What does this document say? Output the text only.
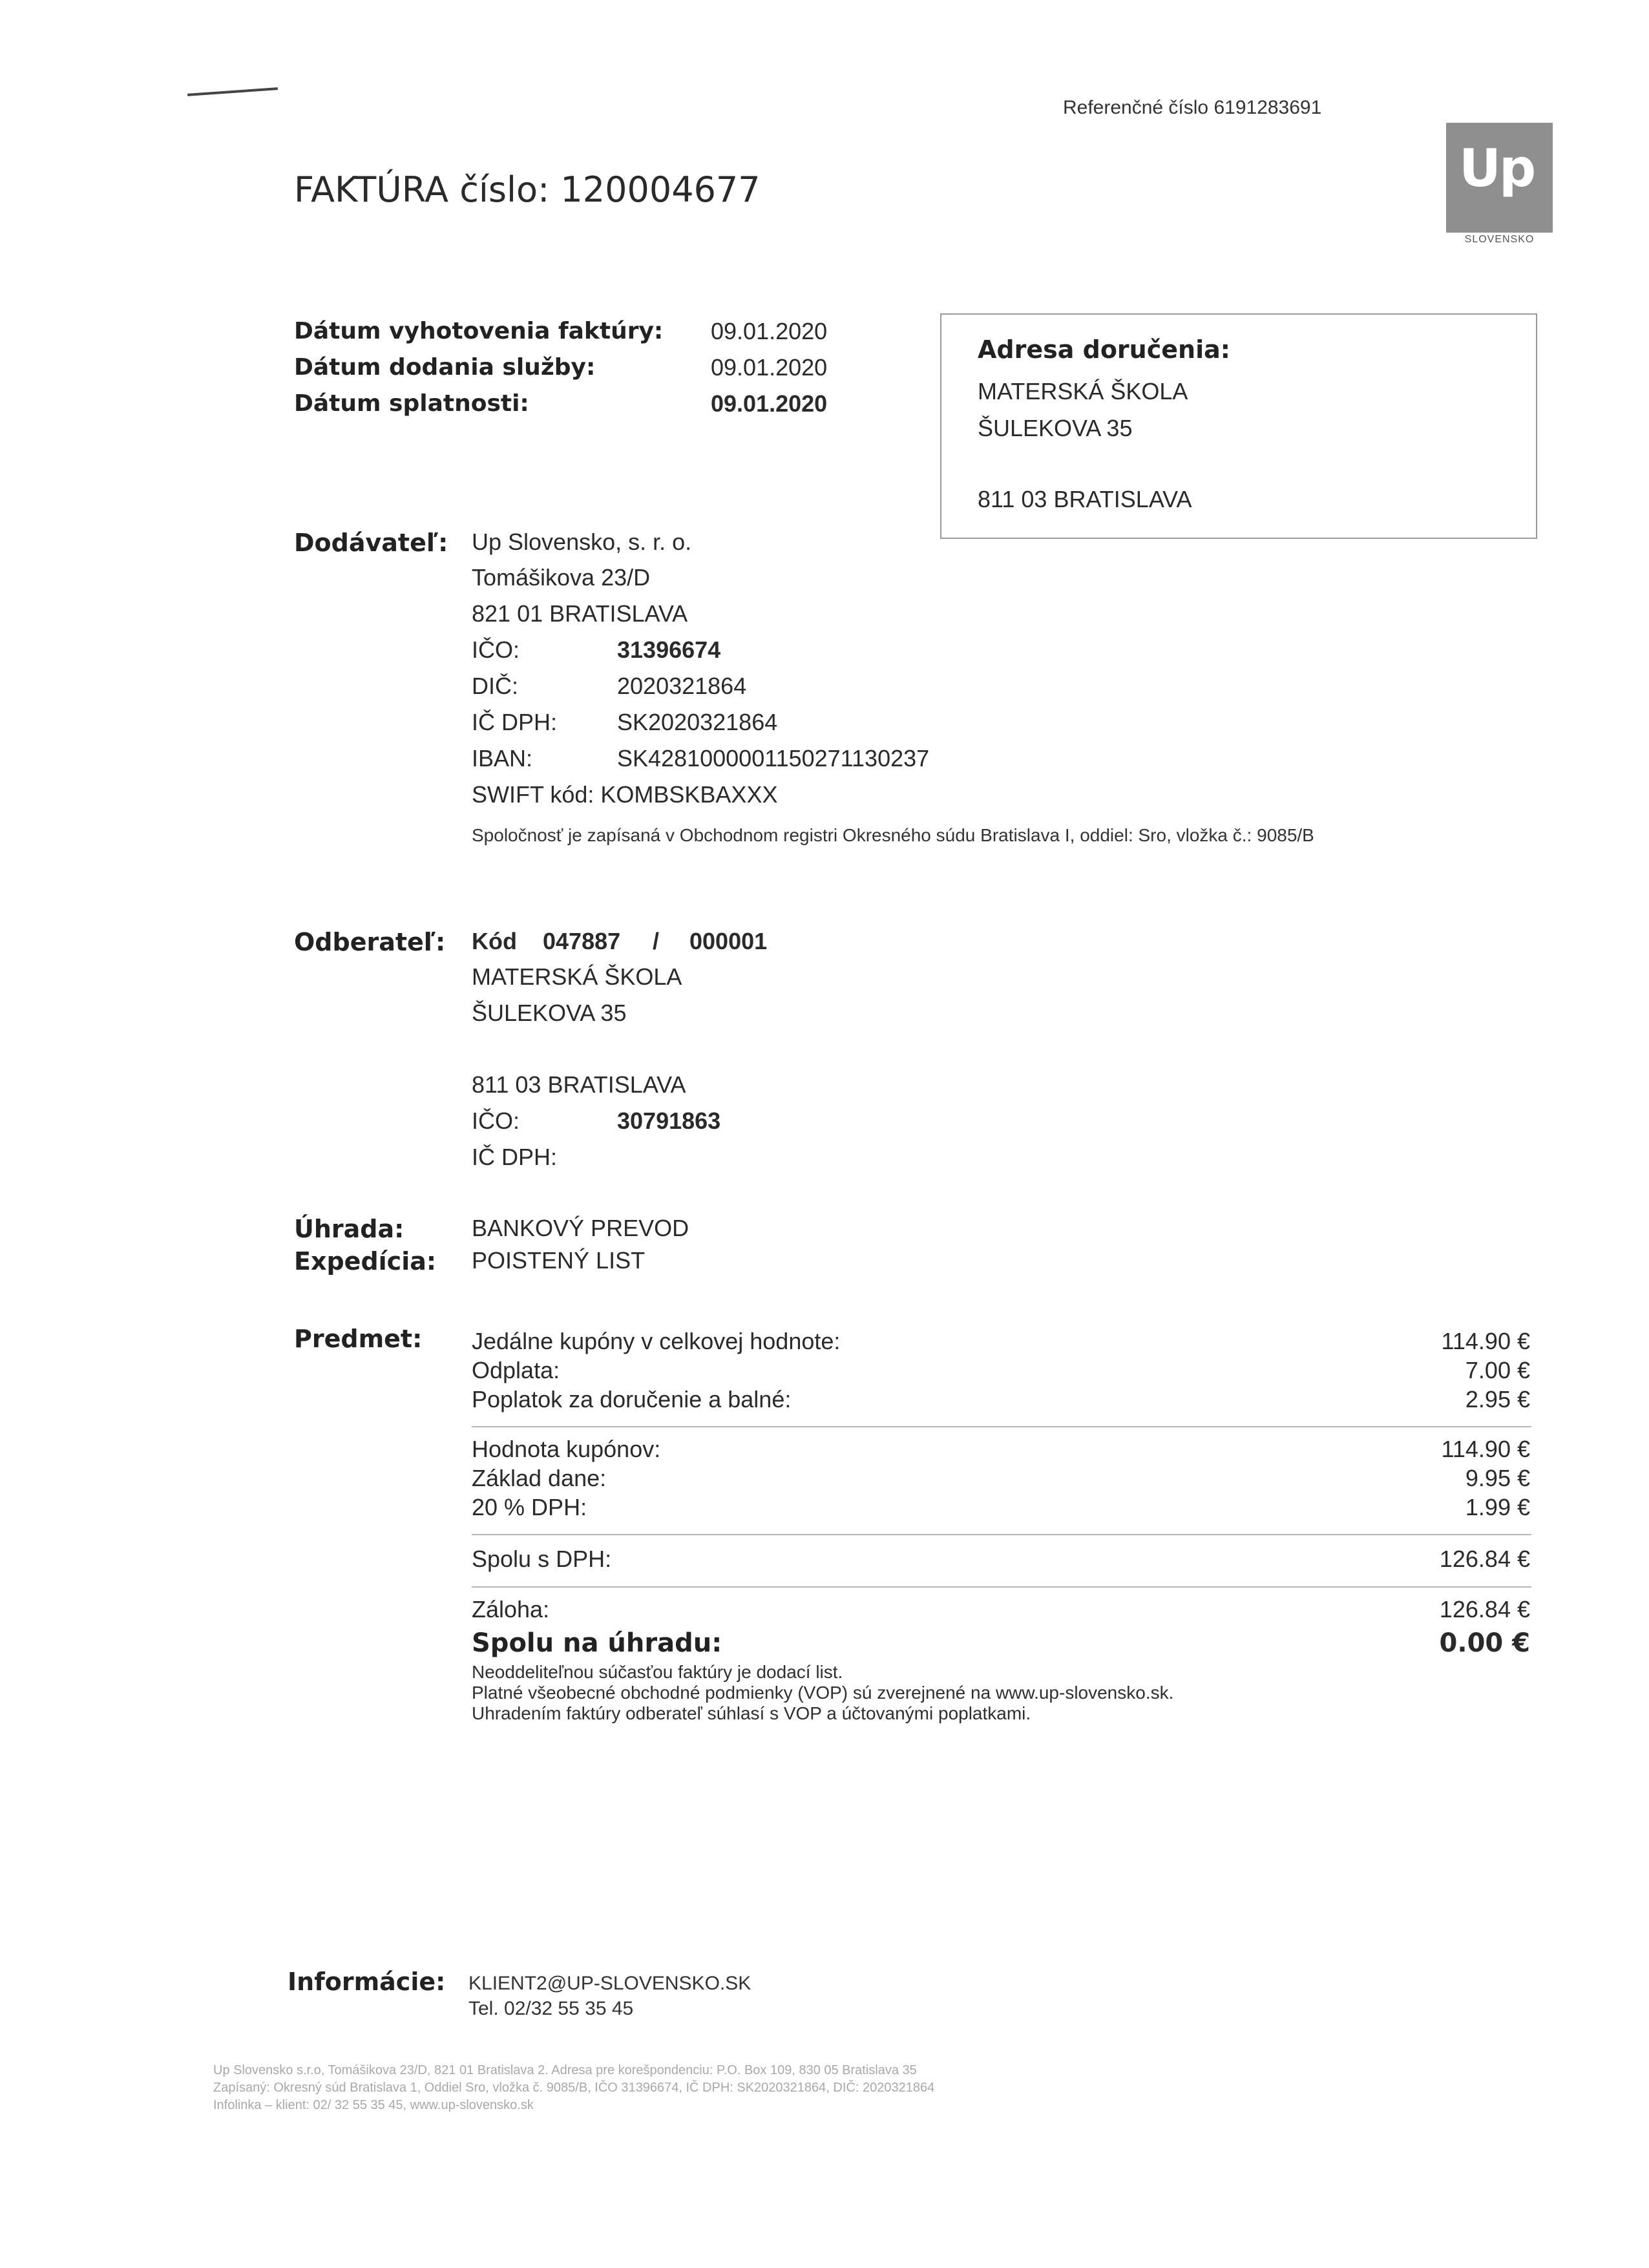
Referenčné číslo 6191283691
Up
SLOVENSKO
FAKTÚRA číslo: 120004677
Dátum vyhotovenia faktúry: 09.01.2020
Dátum dodania služby:	09.01.2020
Dátum splatnosti:	09.01.2020
Adresa doručenia:
MATERSKÁ ŠKOLA
ŠULEKOVA 35
811 03 BRATISLAVA
Dodávateľ: Up Slovensko, s. r. o.
Tomášikova 23/D
821 01 BRATISLAVA
IČO:	31396674
DIČ:	2020321864
IČ DPH:	SK2020321864
IBAN:	SK4281000001150271130237
SWIFT kód: KOMBSKBAXXX
Spoločnosť je zapísaná v Obchodnom registri Okresného súdu Bratislava I, oddiel: Sro, vložka č.: 9085/B
Odberateľ: Kód 047887 / 000001
MATERSKÁ ŠKOLA
ŠULEKOVA 35
811 03 BRATISLAVA
IČO:	30791863
IČ DPH:
Úhrada:	BANKOVÝ PREVOD
Expedícia: POISTENÝ LIST
Predmet: Jedálne kupóny v celkovej hodnote:	114.90 €
Odplata:	7.00 €
Poplatok za doručenie a balné:	2.95 €
Hodnota kupónov:	114.90 €
Základ dane:	9.95 €
20 % DPH:	1.99 €
Spolu s DPH:	126.84 €
Záloha:	126.84 €
Spolu na úhradu:	0.00 €
Neoddeliteľnou súčasťou faktúry je dodací list.
Platné všeobecné obchodné podmienky (VOP) sú zverejnené na www.up-slovensko.sk.
Uhradením faktúry odberateľ súhlasí s VOP a účtovanými poplatkami.
Informácie: KLIENT2@UP-SLOVENSKO.SK
Tel. 02/32 55 35 45
Up Slovensko s.r.o, Tomášikova 23/D, 821 01 Bratislava 2. Adresa pre korešpondenciu: P.O. Box 109, 830 05 Bratislava 35
Zapísaný: Okresný súd Bratislava 1, Oddiel Sro, vložka č. 9085/B, IČO 31396674, IČ DPH: SK2020321864, DIČ: 2020321864
Infolinka – klient: 02/ 32 55 35 45, www.up-slovensko.sk
